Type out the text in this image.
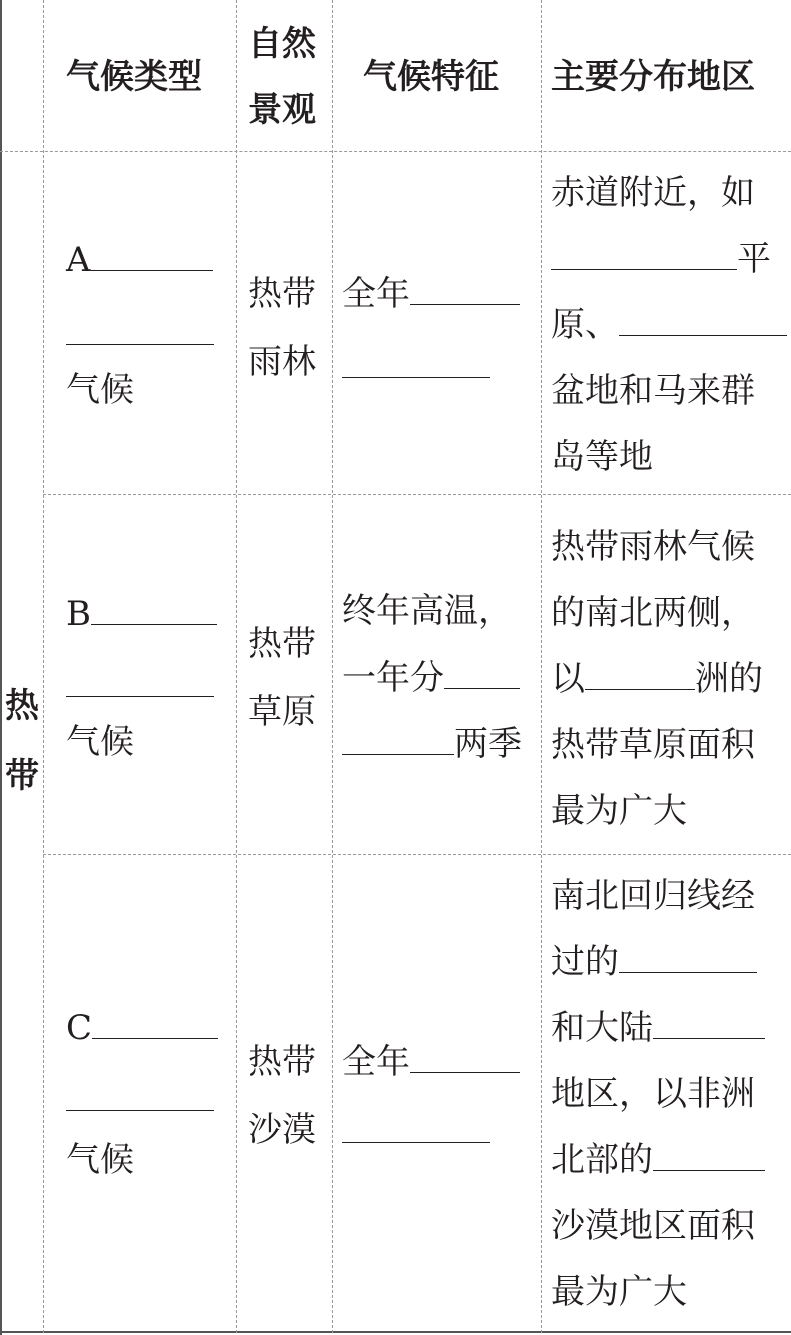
气候类型
自然
景观
气候特征 主要分布地区
热
带
A
气候
热带
雨林
全年
赤道附近，如
平
原、
盆地和马来群
岛等地
B
气候
热带
草原
终年高温，
一年分
两季
热带雨林气候
的南北两侧，
以	洲的
热带草原面积
最为广大
C
气候
热带
沙漠
全年
南北回归线经
过的
和大陆
地区，以非洲
北部的
沙漠地区面积
最为广大
